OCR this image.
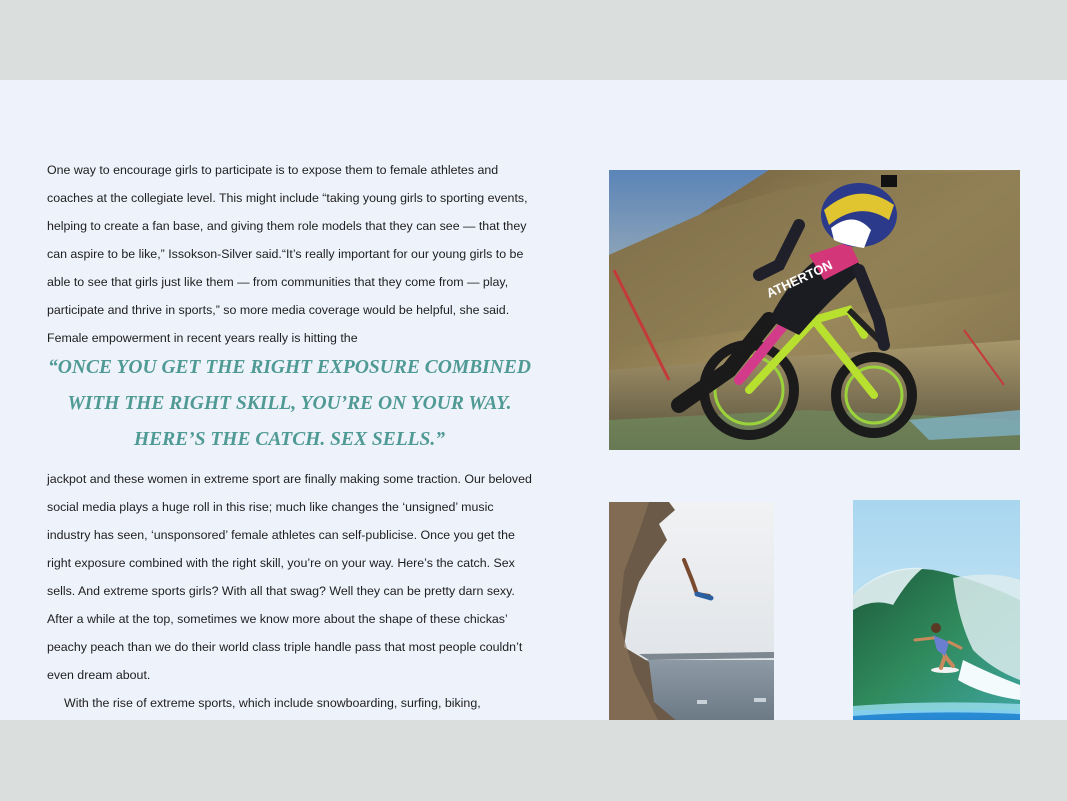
One way to encourage girls to participate is to expose them to female athletes and coaches at the collegiate level. This might include “taking young girls to sporting events, helping to create a fan base, and giving them role models that they can see — that they can aspire to be like,” Issokson-Silver said.“It’s really important for our young girls to be able to see that girls just like them — from communities that they come from — play, participate and thrive in sports,” so more media coverage would be helpful, she said. Female empowerment in recent years really is hitting the

“ONCE YOU GET THE RIGHT EXPOSURE COMBINED WITH THE RIGHT SKILL, YOU’RE ON YOUR WAY. HERE’S THE CATCH. SEX SELLS.”

jackpot and these women in extreme sport are finally making some traction. Our beloved social media plays a huge roll in this rise; much like changes the ‘unsigned’ music industry has seen, ‘unsponsored’ female athletes can self-publicise. Once you get the right exposure combined with the right skill, you’re on your way. Here’s the catch. Sex sells. And extreme sports girls? With all that swag? Well they can be pretty darn sexy. After a while at the top, sometimes we know more about the shape of these chickas’ peachy peach than we do their world class triple handle pass that most people couldn’t even dream about.

With the rise of extreme sports, which include snowboarding, surfing, biking,

ATHERTON
